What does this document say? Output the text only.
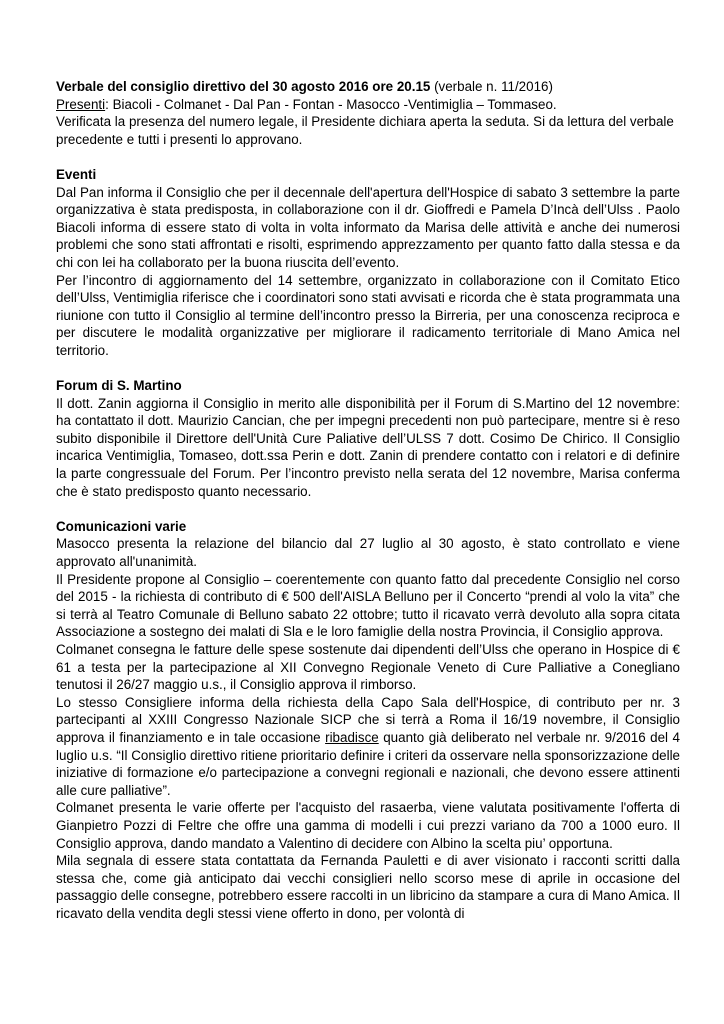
Verbale del consiglio direttivo del 30 agosto 2016 ore 20.15 (verbale n. 11/2016)

Presenti: Biacoli - Colmanet - Dal Pan - Fontan - Masocco -Ventimiglia – Tommaseo.

Verificata la presenza del numero legale, il Presidente dichiara aperta la seduta. Si da lettura del verbale precedente e tutti i presenti lo approvano.

Eventi

Dal Pan informa il Consiglio che per il decennale dell'apertura dell'Hospice di sabato 3 settembre la parte organizzativa è stata predisposta, in collaborazione con il dr. Gioffredi e Pamela D’Incà dell’Ulss . Paolo Biacoli informa di essere stato di volta in volta informato da Marisa delle attività e anche dei numerosi problemi che sono stati affrontati e risolti, esprimendo apprezzamento per quanto fatto dalla stessa e da chi con lei ha collaborato per la buona riuscita dell’evento.

Per l’incontro di aggiornamento del 14 settembre, organizzato in collaborazione con il Comitato Etico dell’Ulss, Ventimiglia riferisce che i coordinatori sono stati avvisati e ricorda che è stata programmata una riunione con tutto il Consiglio al termine dell’incontro presso la Birreria, per una conoscenza reciproca e per discutere le modalità organizzative per migliorare il radicamento territoriale di Mano Amica nel territorio.

Forum di S. Martino

Il dott. Zanin aggiorna il Consiglio in merito alle disponibilità per il Forum di S.Martino del 12 novembre: ha contattato il dott. Maurizio Cancian, che per impegni precedenti non può partecipare, mentre si è reso subito disponibile il Direttore dell'Unità Cure Paliative dell’ULSS 7 dott. Cosimo De Chirico. Il Consiglio incarica Ventimiglia, Tomaseo, dott.ssa Perin e dott. Zanin di prendere contatto con i relatori e di definire la parte congressuale del Forum. Per l’incontro previsto nella serata del 12 novembre, Marisa conferma che è stato predisposto quanto necessario.

Comunicazioni varie

Masocco presenta la relazione del bilancio dal 27 luglio al 30 agosto, è stato controllato e viene approvato all'unanimità.

Il Presidente propone al Consiglio – coerentemente con quanto fatto dal precedente Consiglio nel corso del 2015 - la richiesta di contributo di € 500 dell'AISLA Belluno per il Concerto “prendi al volo la vita” che si terrà al Teatro Comunale di Belluno sabato 22 ottobre; tutto il ricavato verrà devoluto alla sopra citata Associazione a sostegno dei malati di Sla e le loro famiglie della nostra Provincia, il Consiglio approva.

Colmanet consegna le fatture delle spese sostenute dai dipendenti dell’Ulss che operano in Hospice di € 61 a testa per la partecipazione al XII Convegno Regionale Veneto di Cure Palliative a Conegliano tenutosi il 26/27 maggio u.s., il Consiglio approva il rimborso.

Lo stesso Consigliere informa della richiesta della Capo Sala dell'Hospice, di contributo per nr. 3 partecipanti al XXIII Congresso Nazionale SICP che si terrà a Roma il 16/19 novembre, il Consiglio approva il finanziamento e in tale occasione ribadisce quanto già deliberato nel verbale nr. 9/2016 del 4 luglio u.s. “Il Consiglio direttivo ritiene prioritario definire i criteri da osservare nella sponsorizzazione delle iniziative di formazione e/o partecipazione a convegni regionali e nazionali, che devono essere attinenti alle cure palliative”.

Colmanet presenta le varie offerte per l'acquisto del rasaerba, viene valutata positivamente l'offerta di Gianpietro Pozzi di Feltre che offre una gamma di modelli i cui prezzi variano da 700 a 1000 euro. Il Consiglio approva, dando mandato a Valentino di decidere con Albino la scelta piu’ opportuna.

Mila segnala di essere stata contattata da Fernanda Pauletti e di aver visionato i racconti scritti dalla stessa che, come già anticipato dai vecchi consiglieri nello scorso mese di aprile in occasione del passaggio delle consegne, potrebbero essere raccolti in un libricino da stampare a cura di Mano Amica. Il ricavato della vendita degli stessi viene offerto in dono, per volontà di
